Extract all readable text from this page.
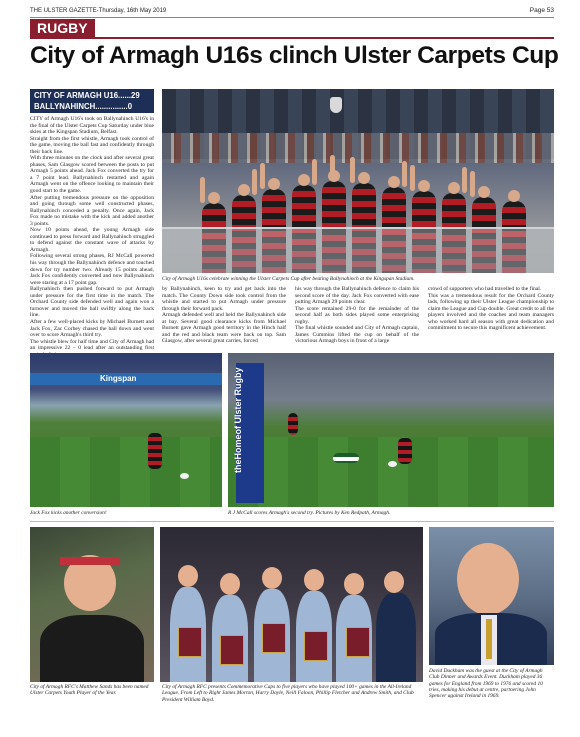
THE ULSTER GAZETTE-Thursday, 16th May 2019	Page 53
RUGBY
City of Armagh U16s clinch Ulster Carpets Cup
CITY OF ARMAGH U16......29
BALLYNAHINCH...............0

CITY of Armagh U16's took on Ballynahinch U16's in the final of the Ulster Carpets Cup Saturday under blue skies at the Kingspan Stadium, Belfast.

Straight from the first whistle, Armagh took control of the game, moving the ball fast and confidently through their back line.

With three minutes on the clock and after several great phases, Sam Glasgow scored between the posts to put Armagh 5 points ahead. Jack Fox converted the try for a 7 point lead. Ballynahinch restarted and again Armagh went on the offence looking to maintain their good start to the game.

After putting tremendous pressure on the opposition and going through some well constructed phases, Ballynahinch conceded a penalty. Once again, Jack Fox made no mistake with the kick and added another 3 points.

Now 10 points ahead, the young Armagh side continued to press forward and Ballynahinch struggled to defend against the constant wave of attacks by Armagh.

Following several strong phases, RJ McCall powered his way through the Ballynahinch defence and touched down for try number two. Already 15 points ahead, Jack Fox confidently converted and now Ballynahinch were staring at a 17 point gap.

Ballynahinch then pushed forward to put Armagh under pressure for the first time in the match. The Orchard County side defended well and again won a turnover and moved the ball swiftly along the back line.

After a few well-placed kicks by Michael Burnett and Jack Fox, Zac Corbey chased the ball down and went over to score Armagh's third try.

The whistle blew for half time and City of Armagh had an impressive 22 – 0 lead after an outstanding first

City of Armagh U16s celebrate winning the Ulster Carpets Cup after beating Ballynahinch at the Kingspan Stadium.

by Ballynahinch, keen to try and get back into the match. The County Down side took control from the whistle and started to put Armagh under pressure through their forward pack.

Armagh defended well and held the Ballynahinch side at bay. Several good clearance kicks from Michael Burnett gave Armagh good territory in the Hinch half and the red and black team were back on top. Sam Glasgow, after several great carries, forced

his way through the Ballynahinch defence to claim his second score of the day. Jack Fox converted with ease putting Armagh 29 points clear.

The score remained 29-0 for the remainder of the second half as both sides played some enterprising rugby.

The final whistle sounded and City of Armagh captain, James Cummins lifted the cup on behalf of the victorious Armagh boys in front of a large

crowd of supporters who had travelled to the final.

This was a tremendous result for the Orchard County lads, following up their Ulster League championship to claim the League and Cup double. Great credit to all the players involved and the coaches and team managers who worked hard all season with great dedication and commitment to secure this magnificent achievement.

Kingspan
Jack Fox kicks another conversion!
theHomeof Ulster Rugby
R J McCall scores Armagh's second try. Pictures by Ken Redpath, Armagh.
City of Armagh RFC's Matthew Sands has been named Ulster Carpets Youth Player of the Year.
City of Armagh RFC presents Commemorative Caps to five players who have played 100+ games in the All-Ireland League. From Left to Right James Morton, Harry Doyle, Neill Faloon, Phillip Fletcher and Andrew Smith, and Club President William Boyd.
David Duckham was the guest at the City of Armagh Club Dinner and Awards Event. Duckham played 36 games for England from 1969 to 1976 and scored 10 tries, making his debut at centre, partnering John Spencer against Ireland in 1969.
